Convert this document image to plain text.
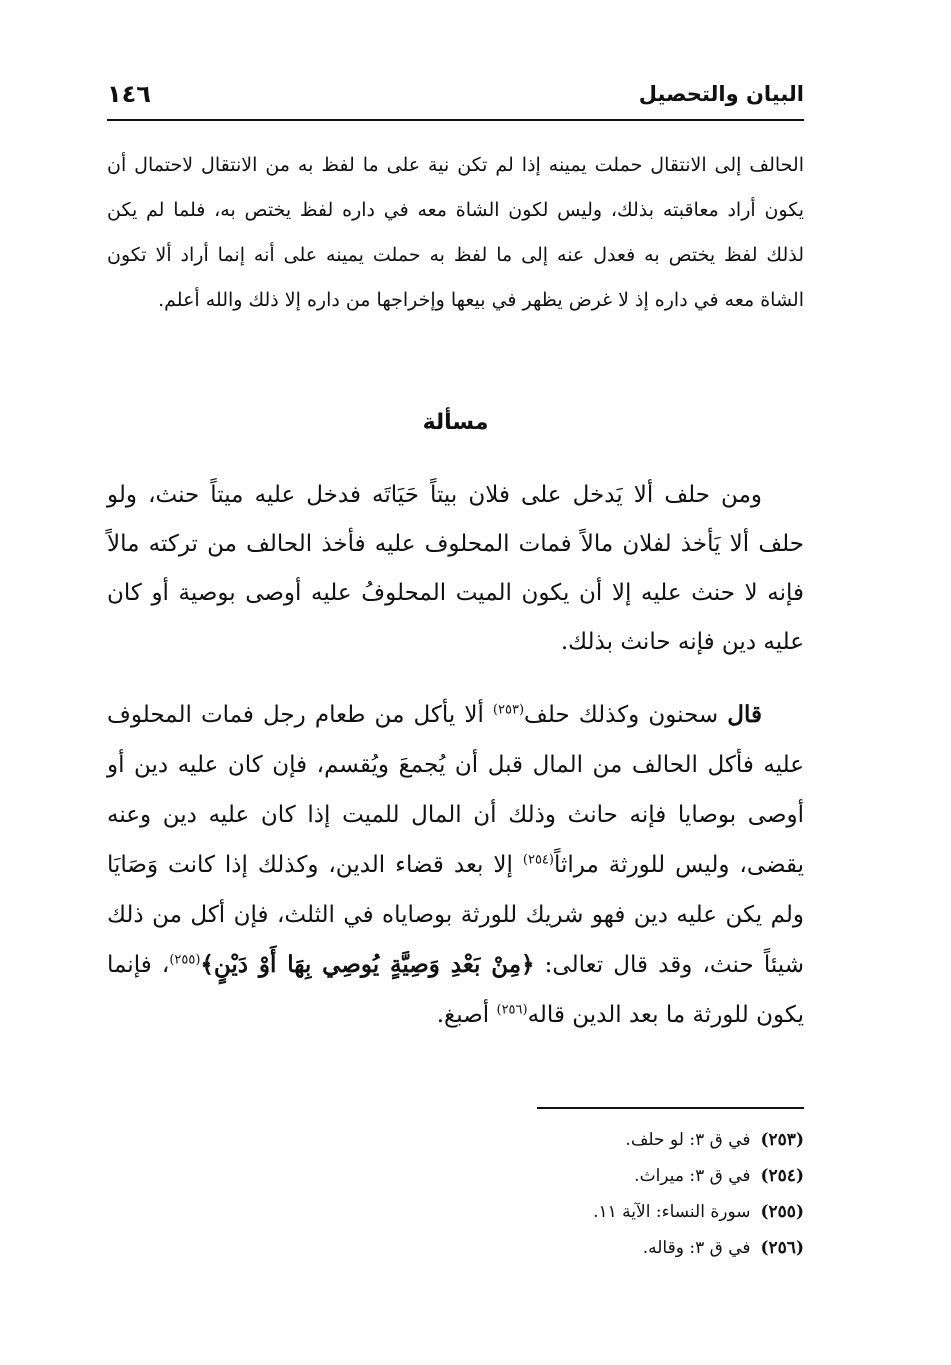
البيان والتحصيل
١٤٦

الحالف إلى الانتقال حملت يمينه إذا لم تكن نية على ما لفظ به من الانتقال لاحتمال أن يكون أراد معاقبته بذلك، وليس لكون الشاة معه في داره لفظ يختص به، فلما لم يكن لذلك لفظ يختص به فعدل عنه إلى ما لفظ به حملت يمينه على أنه إنما أراد ألا تكون الشاة معه في داره إذ لا غرض يظهر في بيعها وإخراجها من داره إلا ذلك والله أعلم.

مسألة

ومن حلف ألا يَدخل على فلان بيتاً حَيَاتَه فدخل عليه ميتاً حنث، ولو حلف ألا يَأخذ لفلان مالاً فمات المحلوف عليه فأخذ الحالف من تركته مالاً فإنه لا حنث عليه إلا أن يكون الميت المحلوفُ عليه أوصى بوصية أو كان عليه دين فإنه حانث بذلك.

قال سحنون وكذلك حلف$^{(٢٥٣)}$ ألا يأكل من طعام رجل فمات المحلوف عليه فأكل الحالف من المال قبل أن يُجمعَ ويُقسم، فإن كان عليه دين أو أوصى بوصايا فإنه حانث وذلك أن المال للميت إذا كان عليه دين وعنه يقضى، وليس للورثة مراثاً$^{(٢٥٤)}$ إلا بعد قضاء الدين، وكذلك إذا كانت وَصَايَا ولم يكن عليه دين فهو شريك للورثة بوصاياه في الثلث، فإن أكل من ذلك شيئاً حنث، وقد قال تعالى: ﴿مِنْ بَعْدِ وَصِيَّةٍ يُوصِي بِهَا أَوْ دَيْنٍ﴾$^{(٢٥٥)}$، فإنما يكون للورثة ما بعد الدين قاله$^{(٢٥٦)}$ أصبغ.

(٢٥٣)في ق ٣: لو حلف.
(٢٥٤)في ق ٣: ميراث.
(٢٥٥)سورة النساء: الآية ١١.
(٢٥٦)في ق ٣: وقاله.
